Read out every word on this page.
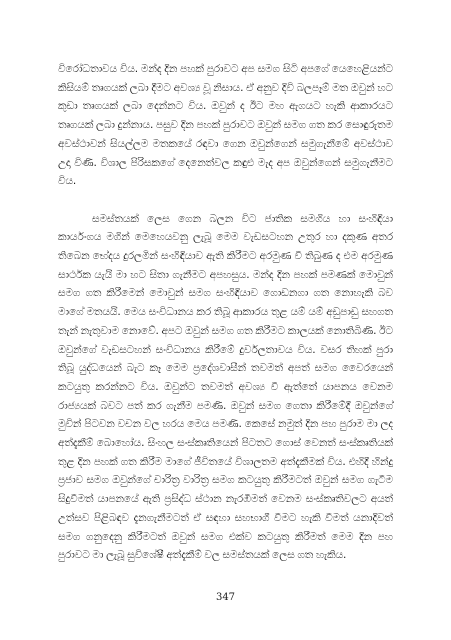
විරෝධතාවය විය. මන්ද දින පහක් පුරාවට අප සමග සිටි අපගේ යෙහෙළියන්ට කිසියම් තෘගයක් ලබා දීමට අවශ්‍ය වූ නිසාය. ඒ අනුව දිවි බලපෑම් මත ඔවුන් හට කුඩා තෘගයක් ලබා දෙන්නට විය. ඔවුන් ද ඊට මහ ඇගයට හැකි ආකාරයට තෘගයක් ලබා දුන්නාය. පසුව දින පහක් පුරාවට ඔවුන් සමග ගත කර සොඳුරුතම අවස්ථාවන් සියල්ලම මතකයේ රඳවා ගෙන ඔවුන්ගෙන් සමුගැනීමේ අවස්ථාව උදා විණි. විශාල පිරිසකගේ දෙනෙත්වල කඳුළු මැද අප ඔවුන්ගෙන් සමුගැනීමට විය.

සමස්තයක් ලෙස ගෙන බලන විට ජාතික සමගිය හා සංහිඳියා කාර්යංගය මගින් මෙහෙයවනු ලැබූ මෙම වැඩසටහන උතුර හා දකුණ අතර තිබෙන භේදය දුරලමින් සංහිඳියාව ඇති කිරීමට අරමුණ වී තිබුණ ද එම අරමුණ සාර්ථක යැයි මා හට සිතා ගැනීමට අපහසුය. මන්ද දින පහක් පමණක් මොවුන් සමග ගත කිරීමෙන් මොවුන් සමග සංහිඳියාව ගොඩනගා ගත නොහැකි බව මාගේ මතයයි. මෙය සංවිධානය කර තිබූ ආකාරය තුළ යම් යම් අඩුපාඩු සහගත තැන් නැතුවාම නොවේ. අපට ඔවුන් සමග ගත කිරීමට කාලයක් නොතිබිණි. ඊට ඔවුන්ගේ වැඩසටහන් සංවිධානය කිරීමේ දුර්වලතාවය විය. වසර තිහක් පුරා තිබූ යුද්ධයෙන් බැට කෑ මෙම ප්‍රදේශවාසීන් තවමත් අපත් සමග වෛරයෙන් කටයුතු කරන්නට විය. ඔවුන්ට තවමත් අවශ්‍ය වී ඇත්තේ යාපනය වෙනම රාජ්‍යයක් බවට පත් කර ගැනීම පමණි. ඔවුන් සමග ගෙතා කිරීමේදී ඔවුන්ගේ මුවින් පිටවන වචන වල හරය මෙය පමණි. කෙසේ නමුත් දින පහ පුරාම මා ලද අත්දැකීම් බොහෝය. සිංහල සංස්කෘතියෙන් පිටතට ගොස් වෙනත් සංස්කෘතියක් තුළ දින පහක් ගත කිරීම මාගේ ජීවිතයේ විශාලතම අත්දැකීමක් විය. එහිදී හින්දු ප්‍රජාව සමග ඔවුන්ගේ චාරිත්‍ර වාරිත්‍ර සමග කටයුතු කිරීමටත් ඔවුන් සමග ගැටීම සිදුවීමත් යාපනයේ ඇති ප්‍රසිද්ධ ස්ථාන නැරඹීමත් වෙනම සංස්කෘතිවලට අයත් උත්සව පිළිබඳව දැනගැනීමටත් ඒ සඳහා සහභාගී වීමට හැකි වීමත් යනාදිවත් සමග ගනුදෙනු කිරීමටත් ඔවුන් සමග එක්ව කටයුතු කිරීමත් මෙම දින පහ පුරාවට මා ලැබූ සුවිශේෂී අත්දැකීම් වල සමස්තයක් ලෙස ගත හැකිය.

347
